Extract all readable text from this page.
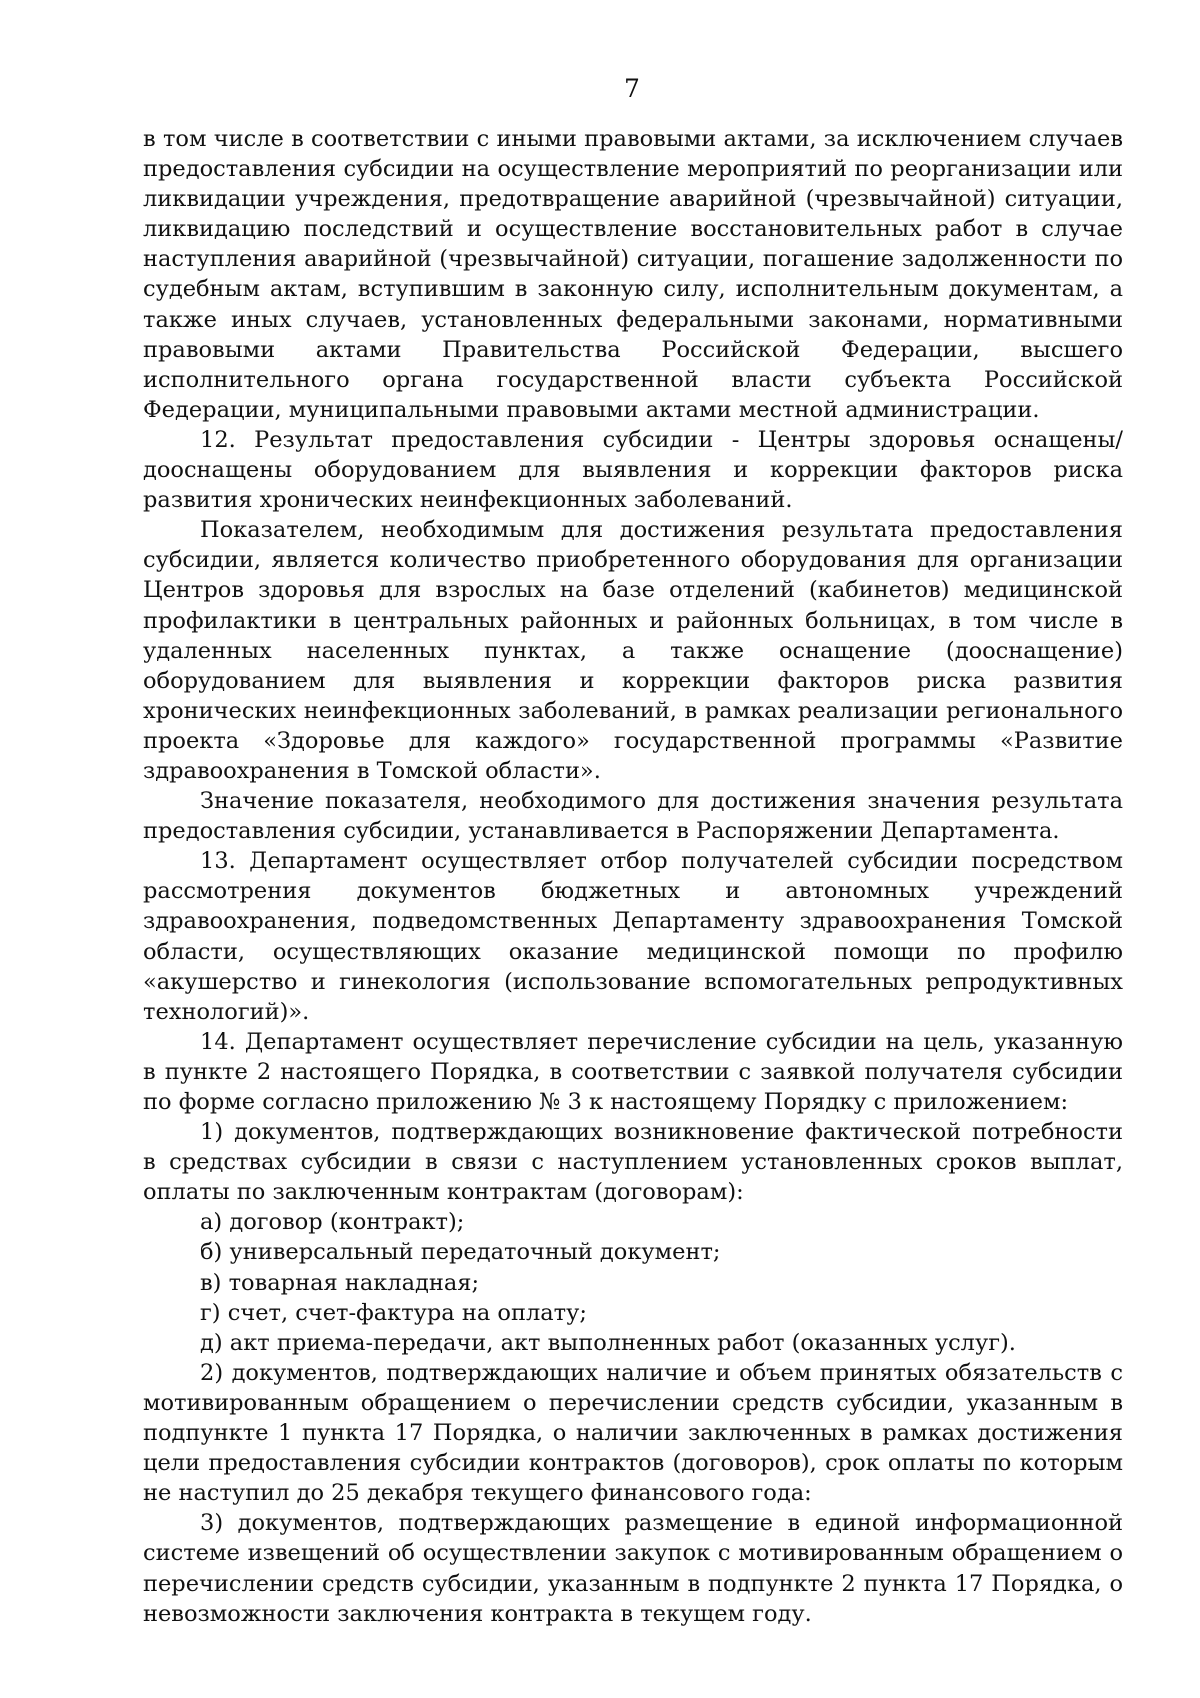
7

в том числе в соответствии с иными правовыми актами, за исключением случаев предоставления субсидии на осуществление мероприятий по реорганизации или ликвидации учреждения, предотвращение аварийной (чрезвычайной) ситуации, ликвидацию последствий и осуществление восстановительных работ в случае наступления аварийной (чрезвычайной) ситуации, погашение задолженности по судебным актам, вступившим в законную силу, исполнительным документам, а также иных случаев, установленных федеральными законами, нормативными правовыми актами Правительства Российской Федерации, высшего исполнительного органа государственной власти субъекта Российской Федерации, муниципальными правовыми актами местной администрации.

12. Результат предоставления субсидии - Центры здоровья оснащены/дооснащены оборудованием для выявления и коррекции факторов риска развития хронических неинфекционных заболеваний.

Показателем, необходимым для достижения результата предоставления субсидии, является количество приобретенного оборудования для организации Центров здоровья для взрослых на базе отделений (кабинетов) медицинской профилактики в центральных районных и районных больницах, в том числе в удаленных населенных пунктах, а также оснащение (дооснащение) оборудованием для выявления и коррекции факторов риска развития хронических неинфекционных заболеваний, в рамках реализации регионального проекта «Здоровье для каждого» государственной программы «Развитие здравоохранения в Томской области».

Значение показателя, необходимого для достижения значения результата предоставления субсидии, устанавливается в Распоряжении Департамента.

13. Департамент осуществляет отбор получателей субсидии посредством рассмотрения документов бюджетных и автономных учреждений здравоохранения, подведомственных Департаменту здравоохранения Томской области, осуществляющих оказание медицинской помощи по профилю «акушерство и гинекология (использование вспомогательных репродуктивных технологий)».

14. Департамент осуществляет перечисление субсидии на цель, указанную в пункте 2 настоящего Порядка, в соответствии с заявкой получателя субсидии по форме согласно приложению № 3 к настоящему Порядку с приложением:

1) документов, подтверждающих возникновение фактической потребности в средствах субсидии в связи с наступлением установленных сроков выплат, оплаты по заключенным контрактам (договорам):

а) договор (контракт);

б) универсальный передаточный документ;

в) товарная накладная;

г) счет, счет-фактура на оплату;

д) акт приема-передачи, акт выполненных работ (оказанных услуг).

2) документов, подтверждающих наличие и объем принятых обязательств с мотивированным обращением о перечислении средств субсидии, указанным в подпункте 1 пункта 17 Порядка, о наличии заключенных в рамках достижения цели предоставления субсидии контрактов (договоров), срок оплаты по которым не наступил до 25 декабря текущего финансового года:

3) документов, подтверждающих размещение в единой информационной системе извещений об осуществлении закупок с мотивированным обращением о перечислении средств субсидии, указанным в подпункте 2 пункта 17 Порядка, о невозможности заключения контракта в текущем году.
